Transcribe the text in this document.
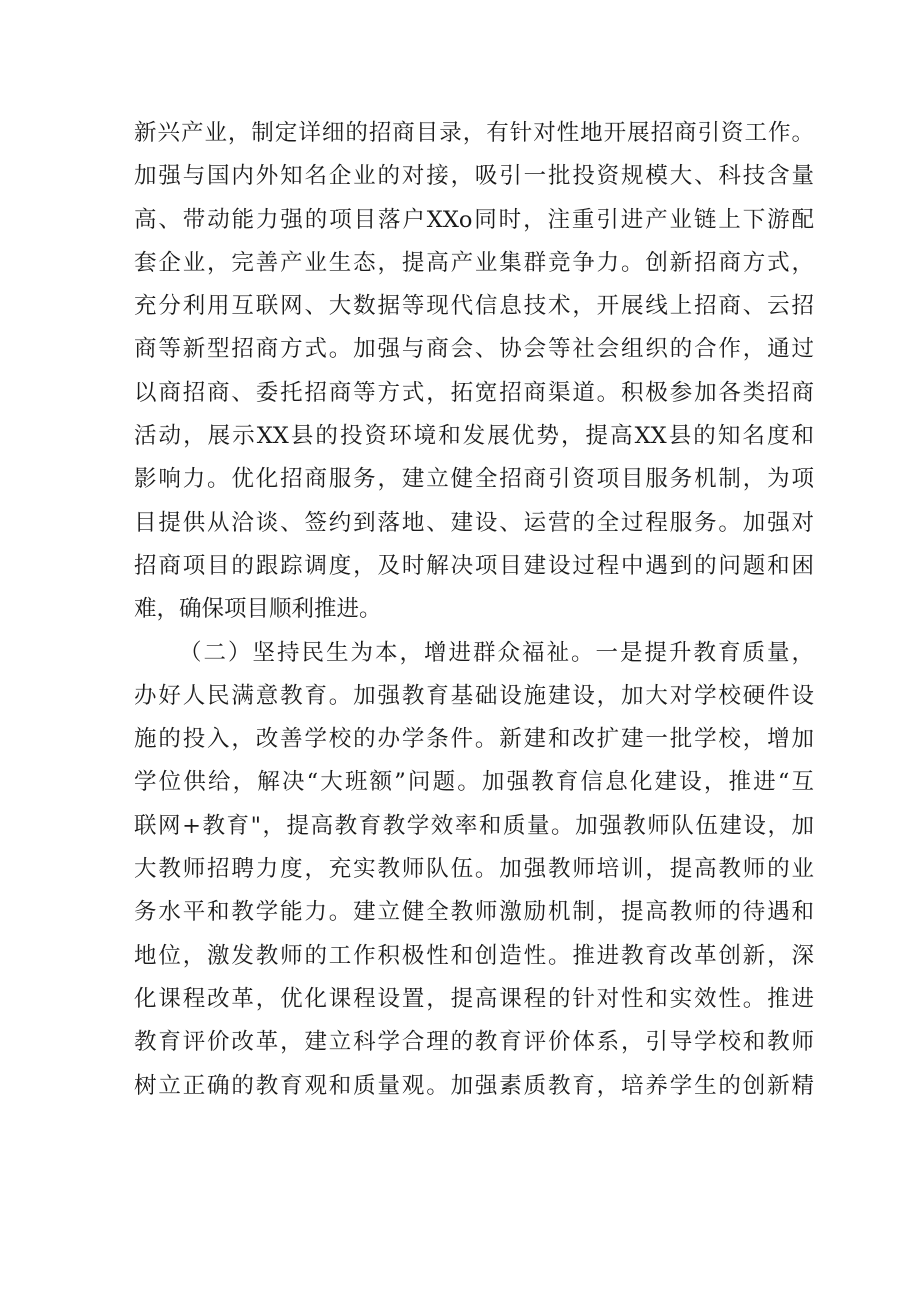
新兴产业，制定详细的招商目录，有针对性地开展招商引资工作。
加强与国内外知名企业的对接，吸引一批投资规模大、科技含量
高、带动能力强的项目落户XXo同时，注重引进产业链上下游配
套企业，完善产业生态，提高产业集群竞争力。创新招商方式，
充分利用互联网、大数据等现代信息技术，开展线上招商、云招
商等新型招商方式。加强与商会、协会等社会组织的合作，通过
以商招商、委托招商等方式，拓宽招商渠道。积极参加各类招商
活动，展示XX县的投资环境和发展优势，提高XX县的知名度和
影响力。优化招商服务，建立健全招商引资项目服务机制，为项
目提供从洽谈、签约到落地、建设、运营的全过程服务。加强对
招商项目的跟踪调度，及时解决项目建设过程中遇到的问题和困
难，确保项目顺利推进。
（二）坚持民生为本，增进群众福祉。一是提升教育质量，
办好人民满意教育。加强教育基础设施建设，加大对学校硬件设
施的投入，改善学校的办学条件。新建和改扩建一批学校，增加
学位供给，解决“大班额”问题。加强教育信息化建设，推进“互
联网+教育"，提高教育教学效率和质量。加强教师队伍建设，加
大教师招聘力度，充实教师队伍。加强教师培训，提高教师的业
务水平和教学能力。建立健全教师激励机制，提高教师的待遇和
地位，激发教师的工作积极性和创造性。推进教育改革创新，深
化课程改革，优化课程设置，提高课程的针对性和实效性。推进
教育评价改革，建立科学合理的教育评价体系，引导学校和教师
树立正确的教育观和质量观。加强素质教育，培养学生的创新精
